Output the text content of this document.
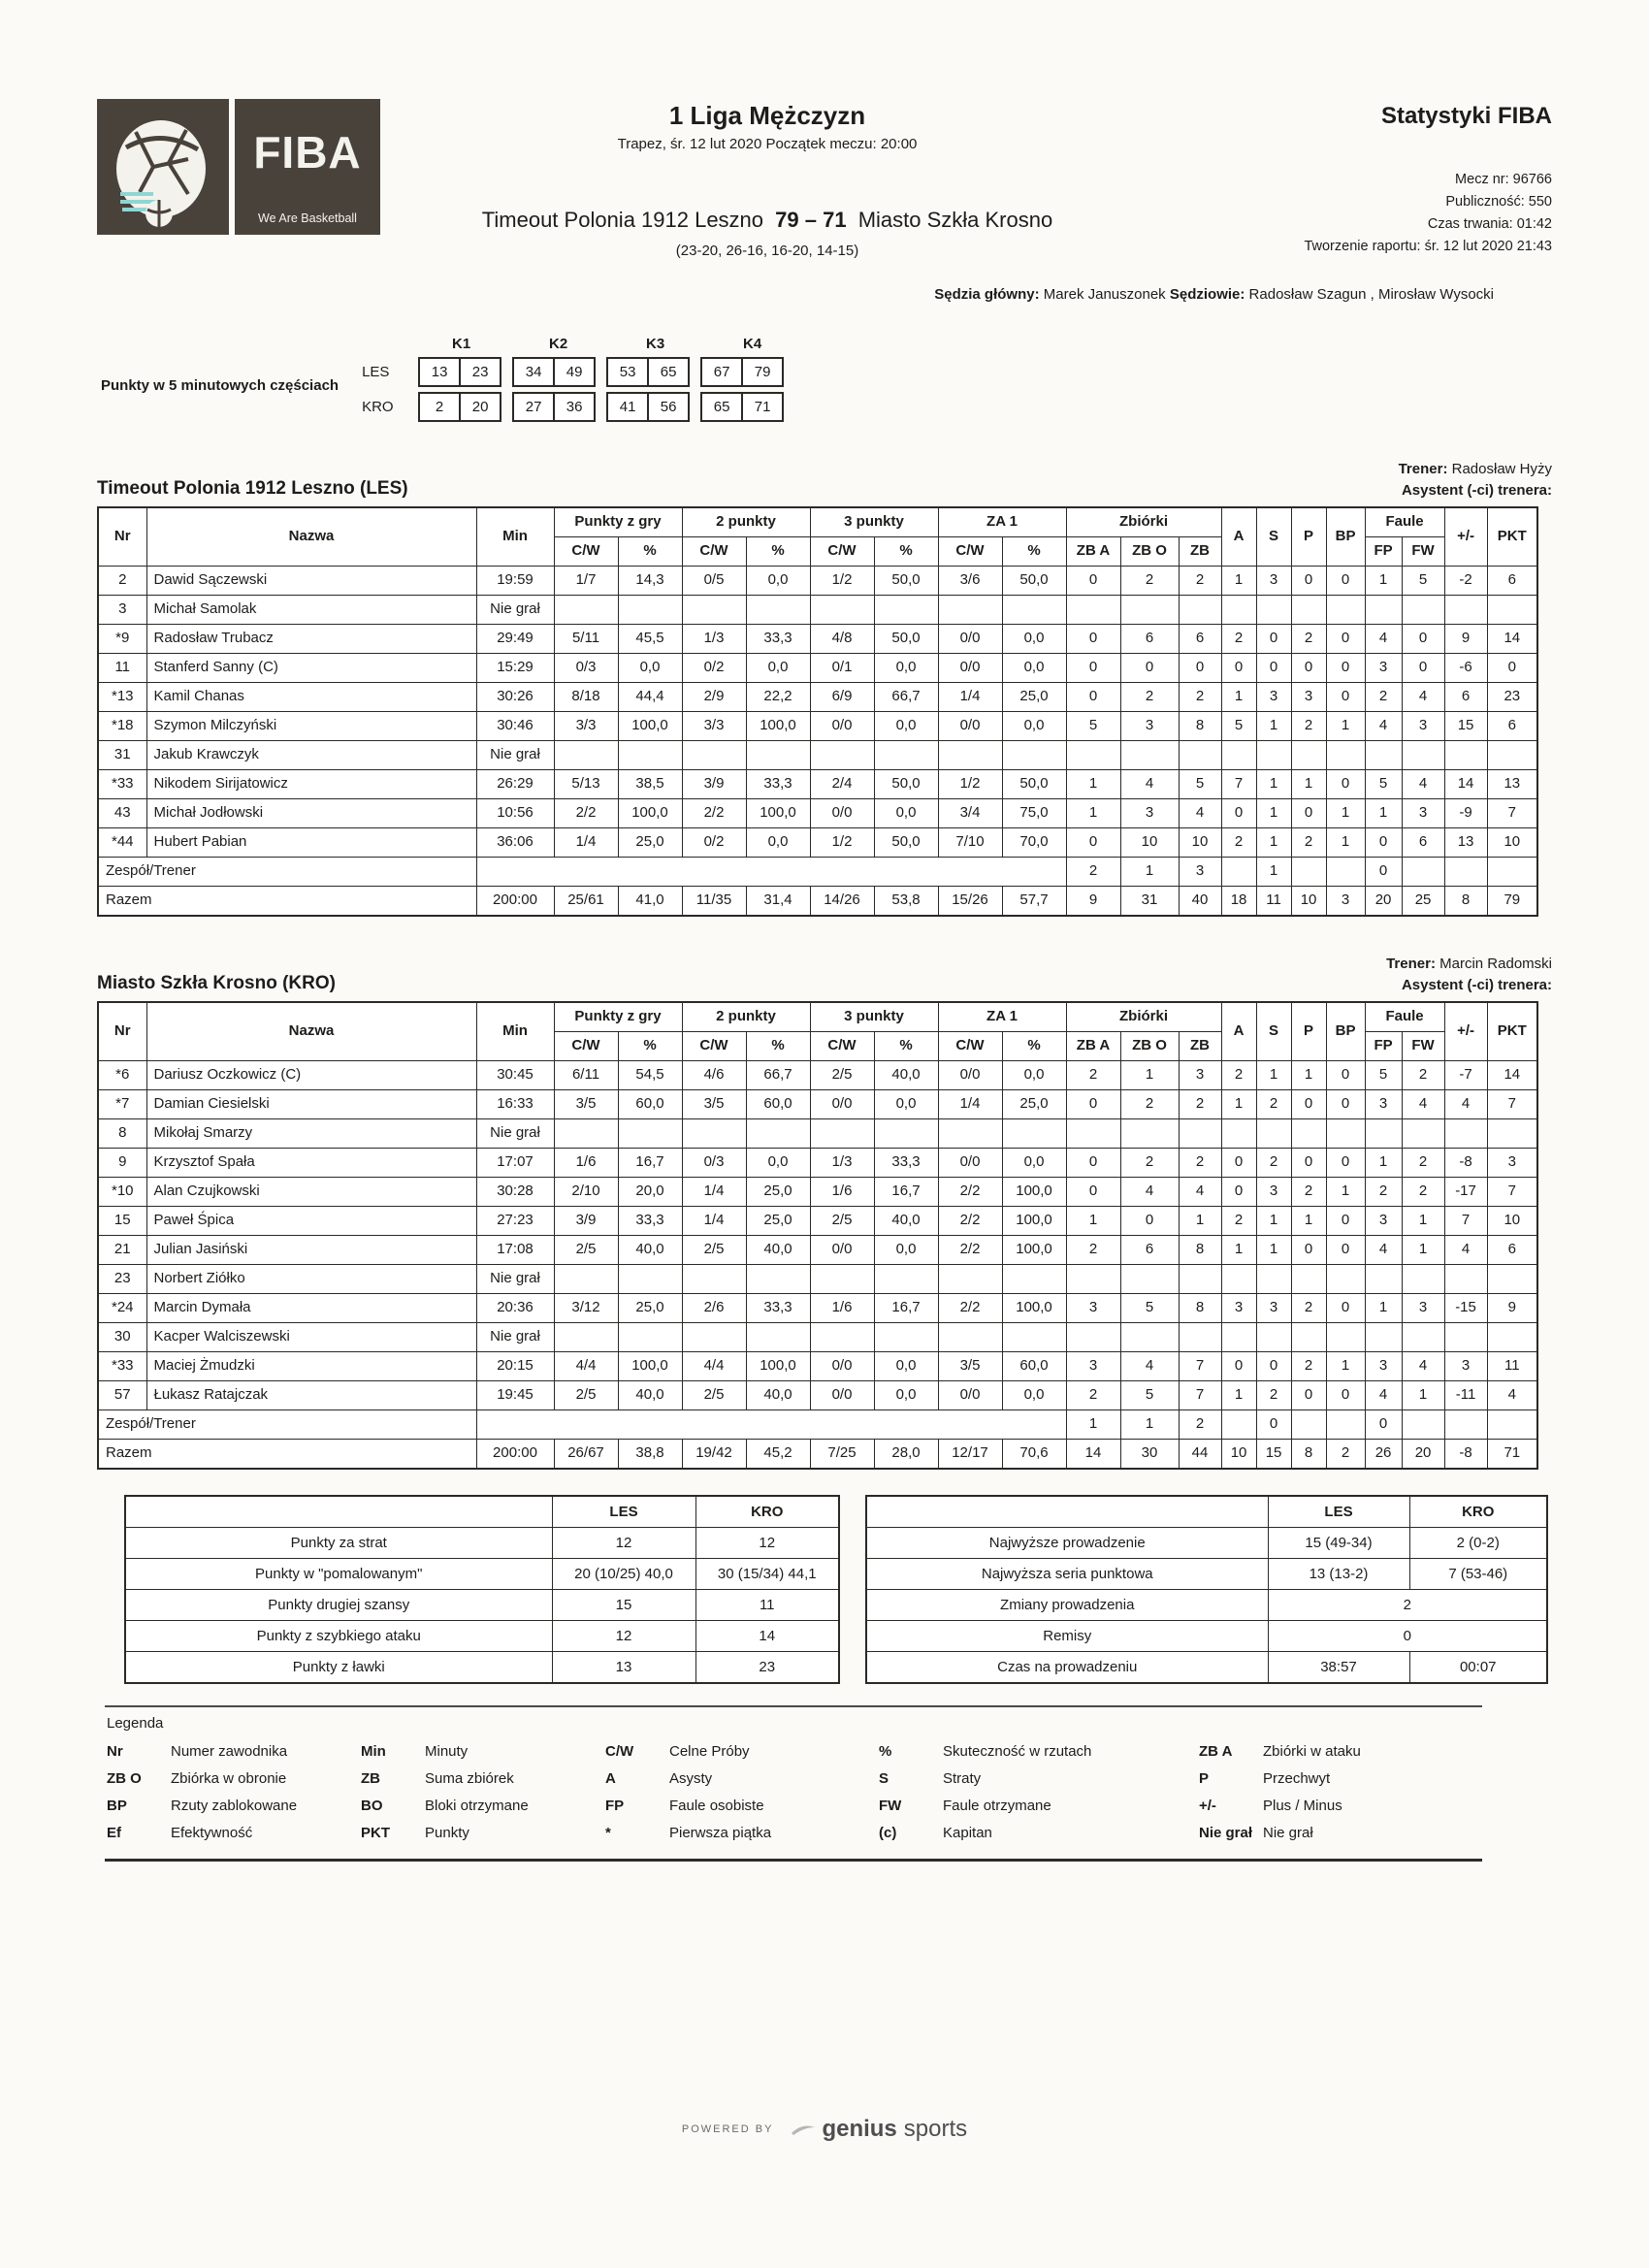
FIBA
We Are Basketball
1 Liga Mężczyzn
Trapez, śr. 12 lut 2020 Początek meczu: 20:00
Timeout Polonia 1912 Leszno 79 – 71 Miasto Szkła Krosno
(23-20, 26-16, 16-20, 14-15)
Statystyki FIBA
Mecz nr: 96766
Publiczność: 550
Czas trwania: 01:42
Tworzenie raportu: śr. 12 lut 2020 21:43
Sędzia główny: Marek Januszonek Sędziowie: Radosław Szagun , Mirosław Wysocki
Punkty w 5 minutowych częściach
K1	K2	K3	K4
LES	13	23	34	49	53	65	67	79
KRO	2	20	27	36	41	56	65	71
Timeout Polonia 1912 Leszno (LES)
Trener: Radosław Hyży
Asystent (-ci) trenera:
Nr	Nazwa	Min	Punkty z gry		2 punkty		3 punkty		ZA 1		Zbiórki			A	S	P	BP	Faule		+/-	PKT
			C/W	%	C/W	%	C/W	%	C/W	%	ZB A	ZB O	ZB					FP	FW		
2	Dawid Sączewski	19:59	1/7	14,3	0/5	0,0	1/2	50,0	3/6	50,0	0	2	2	1	3	0	0	1	5	-2	6
3	Michał Samolak	Nie grał																			
*9	Radosław Trubacz	29:49	5/11	45,5	1/3	33,3	4/8	50,0	0/0	0,0	0	6	6	2	0	2	0	4	0	9	14
11	Stanferd Sanny (C)	15:29	0/3	0,0	0/2	0,0	0/1	0,0	0/0	0,0	0	0	0	0	0	0	0	3	0	-6	0
*13	Kamil Chanas	30:26	8/18	44,4	2/9	22,2	6/9	66,7	1/4	25,0	0	2	2	1	3	3	0	2	4	6	23
*18	Szymon Milczyński	30:46	3/3	100,0	3/3	100,0	0/0	0,0	0/0	0,0	5	3	8	5	1	2	1	4	3	15	6
31	Jakub Krawczyk	Nie grał																			
*33	Nikodem Sirijatowicz	26:29	5/13	38,5	3/9	33,3	2/4	50,0	1/2	50,0	1	4	5	7	1	1	0	5	4	14	13
43	Michał Jodłowski	10:56	2/2	100,0	2/2	100,0	0/0	0,0	3/4	75,0	1	3	4	0	1	0	1	1	3	-9	7
*44	Hubert Pabian	36:06	1/4	25,0	0/2	0,0	1/2	50,0	7/10	70,0	0	10	10	2	1	2	1	0	6	13	10
Zespół/Trener											2	1	3		1			0			
Razem		200:00	25/61	41,0	11/35	31,4	14/26	53,8	15/26	57,7	9	31	40	18	11	10	3	20	25	8	79
Miasto Szkła Krosno (KRO)
Trener: Marcin Radomski
Asystent (-ci) trenera:
Nr	Nazwa	Min	Punkty z gry		2 punkty		3 punkty		ZA 1		Zbiórki			A	S	P	BP	Faule		+/-	PKT
			C/W	%	C/W	%	C/W	%	C/W	%	ZB A	ZB O	ZB					FP	FW		
*6	Dariusz Oczkowicz (C)	30:45	6/11	54,5	4/6	66,7	2/5	40,0	0/0	0,0	2	1	3	2	1	1	0	5	2	-7	14
*7	Damian Ciesielski	16:33	3/5	60,0	3/5	60,0	0/0	0,0	1/4	25,0	0	2	2	1	2	0	0	3	4	4	7
8	Mikołaj Smarzy	Nie grał																			
9	Krzysztof Spała	17:07	1/6	16,7	0/3	0,0	1/3	33,3	0/0	0,0	0	2	2	0	2	0	0	1	2	-8	3
*10	Alan Czujkowski	30:28	2/10	20,0	1/4	25,0	1/6	16,7	2/2	100,0	0	4	4	0	3	2	1	2	2	-17	7
15	Paweł Śpica	27:23	3/9	33,3	1/4	25,0	2/5	40,0	2/2	100,0	1	0	1	2	1	1	0	3	1	7	10
21	Julian Jasiński	17:08	2/5	40,0	2/5	40,0	0/0	0,0	2/2	100,0	2	6	8	1	1	0	0	4	1	4	6
23	Norbert Ziółko	Nie grał																			
*24	Marcin Dymała	20:36	3/12	25,0	2/6	33,3	1/6	16,7	2/2	100,0	3	5	8	3	3	2	0	1	3	-15	9
30	Kacper Walciszewski	Nie grał																			
*33	Maciej Żmudzki	20:15	4/4	100,0	4/4	100,0	0/0	0,0	3/5	60,0	3	4	7	0	0	2	1	3	4	3	11
57	Łukasz Ratajczak	19:45	2/5	40,0	2/5	40,0	0/0	0,0	0/0	0,0	2	5	7	1	2	0	0	4	1	-11	4
Zespół/Trener											1	1	2		0			0			
Razem		200:00	26/67	38,8	19/42	45,2	7/25	28,0	12/17	70,6	14	30	44	10	15	8	2	26	20	-8	71
	LES	KRO
Punkty za strat	12	12
Punkty w "pomalowanym"	20 (10/25) 40,0	30 (15/34) 44,1
Punkty drugiej szansy	15	11
Punkty z szybkiego ataku	12	14
Punkty z ławki	13	23
	LES	KRO
Najwyższe prowadzenie	15 (49-34)	2 (0-2)
Najwyższa seria punktowa	13 (13-2)	7 (53-46)
Zmiany prowadzenia	2	
Remisy	0	
Czas na prowadzeniu	38:57	00:07
Legenda
Nr	Numer zawodnika	Min	Minuty	C/W	Celne Próby	%	Skuteczność w rzutach	ZB A	Zbiórki w ataku
ZB O	Zbiórka w obronie	ZB	Suma zbiórek	A	Asysty	S	Straty	P	Przechwyt
BP	Rzuty zablokowane	BO	Bloki otrzymane	FP	Faule osobiste	FW	Faule otrzymane	+/-	Plus / Minus
Ef	Efektywność	PKT	Punkty	*	Pierwsza piątka	(c)	Kapitan	Nie grał Nie grał
POWERED BY genius sports
